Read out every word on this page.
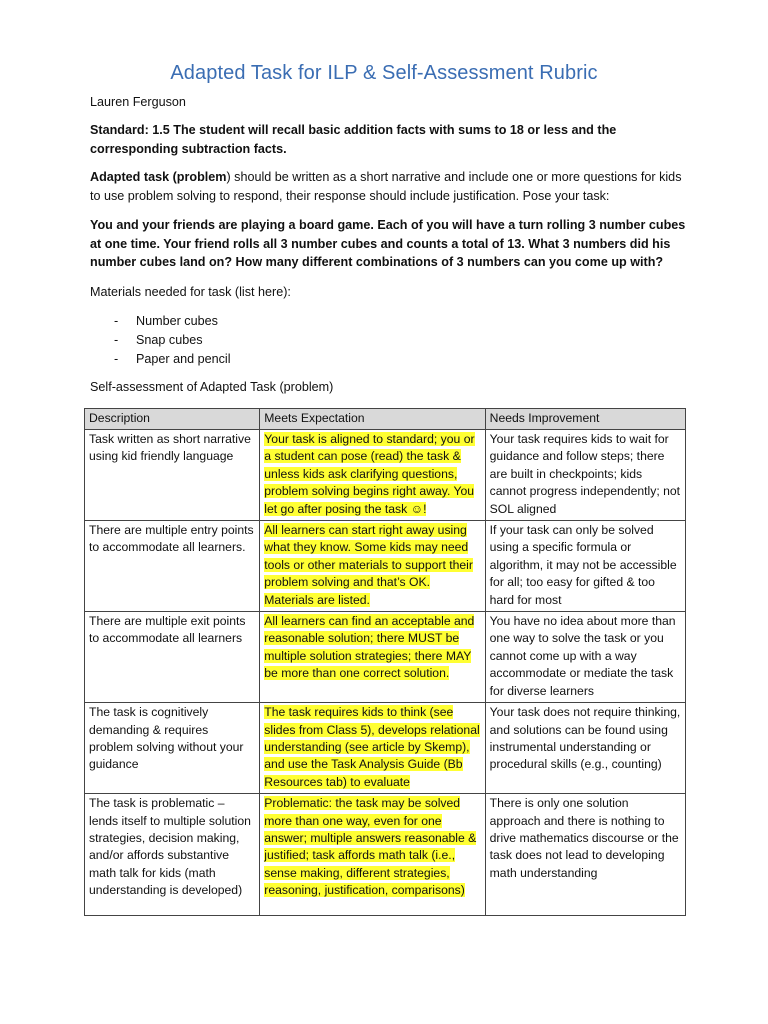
Adapted Task for ILP & Self-Assessment Rubric
Lauren Ferguson
Standard: 1.5 The student will recall basic addition facts with sums to 18 or less and the corresponding subtraction facts.
Adapted task (problem) should be written as a short narrative and include one or more questions for kids to use problem solving to respond, their response should include justification. Pose your task:
You and your friends are playing a board game. Each of you will have a turn rolling 3 number cubes at one time. Your friend rolls all 3 number cubes and counts a total of 13. What 3 numbers did his number cubes land on? How many different combinations of 3 numbers can you come up with?
Materials needed for task (list here):
- Number cubes
- Snap cubes
- Paper and pencil
Self-assessment of Adapted Task (problem)
Description	Meets Expectation	Needs Improvement
Task written as short narrative using kid friendly language	Your task is aligned to standard; you or a student can pose (read) the task & unless kids ask clarifying questions, problem solving begins right away. You let go after posing the task ☺!	Your task requires kids to wait for guidance and follow steps; there are built in checkpoints; kids cannot progress independently; not SOL aligned
There are multiple entry points to accommodate all learners.	All learners can start right away using what they know. Some kids may need tools or other materials to support their problem solving and that’s OK. Materials are listed.	If your task can only be solved using a specific formula or algorithm, it may not be accessible for all; too easy for gifted & too hard for most
There are multiple exit points to accommodate all learners	All learners can find an acceptable and reasonable solution; there MUST be multiple solution strategies; there MAY be more than one correct solution.	You have no idea about more than one way to solve the task or you cannot come up with a way accommodate or mediate the task for diverse learners
The task is cognitively demanding & requires problem solving without your guidance	The task requires kids to think (see slides from Class 5), develops relational understanding (see article by Skemp), and use the Task Analysis Guide (Bb Resources tab) to evaluate	Your task does not require thinking, and solutions can be found using instrumental understanding or procedural skills (e.g., counting)
The task is problematic – lends itself to multiple solution strategies, decision making, and/or affords substantive math talk for kids (math understanding is developed)	Problematic: the task may be solved more than one way, even for one answer; multiple answers reasonable & justified; task affords math talk (i.e., sense making, different strategies, reasoning, justification, comparisons)	There is only one solution approach and there is nothing to drive mathematics discourse or the task does not lead to developing math understanding
